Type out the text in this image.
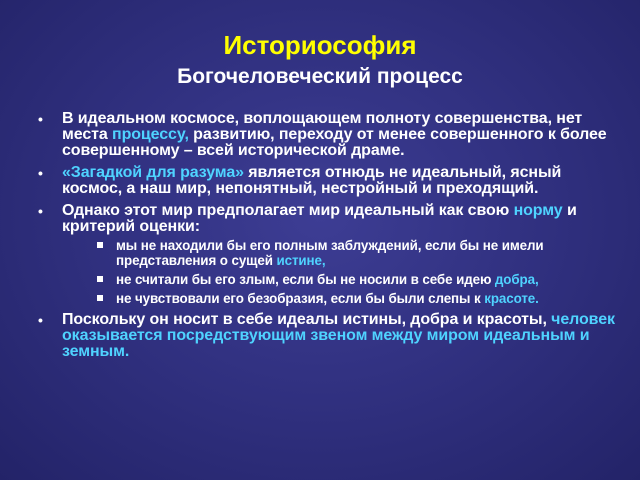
Историософия
Богочеловеческий процесс
• В идеальном космосе, воплощающем полноту совершенства, нет места процессу, развитию, переходу от менее совершенного к более совершенному – всей исторической драме.
• «Загадкой для разума» является отнюдь не идеальный, ясный космос, а наш мир, непонятный, нестройный и преходящий.
• Однако этот мир предполагает мир идеальный как свою норму и критерий оценки:
мы не находили бы его полным заблуждений, если бы не имели представления о сущей истине,
не считали бы его злым, если бы не носили в себе идею добра,
не чувствовали его безобразия, если бы были слепы к красоте.
• Поскольку он носит в себе идеалы истины, добра и красоты, человек оказывается посредствующим звеном между миром идеальным и земным.
